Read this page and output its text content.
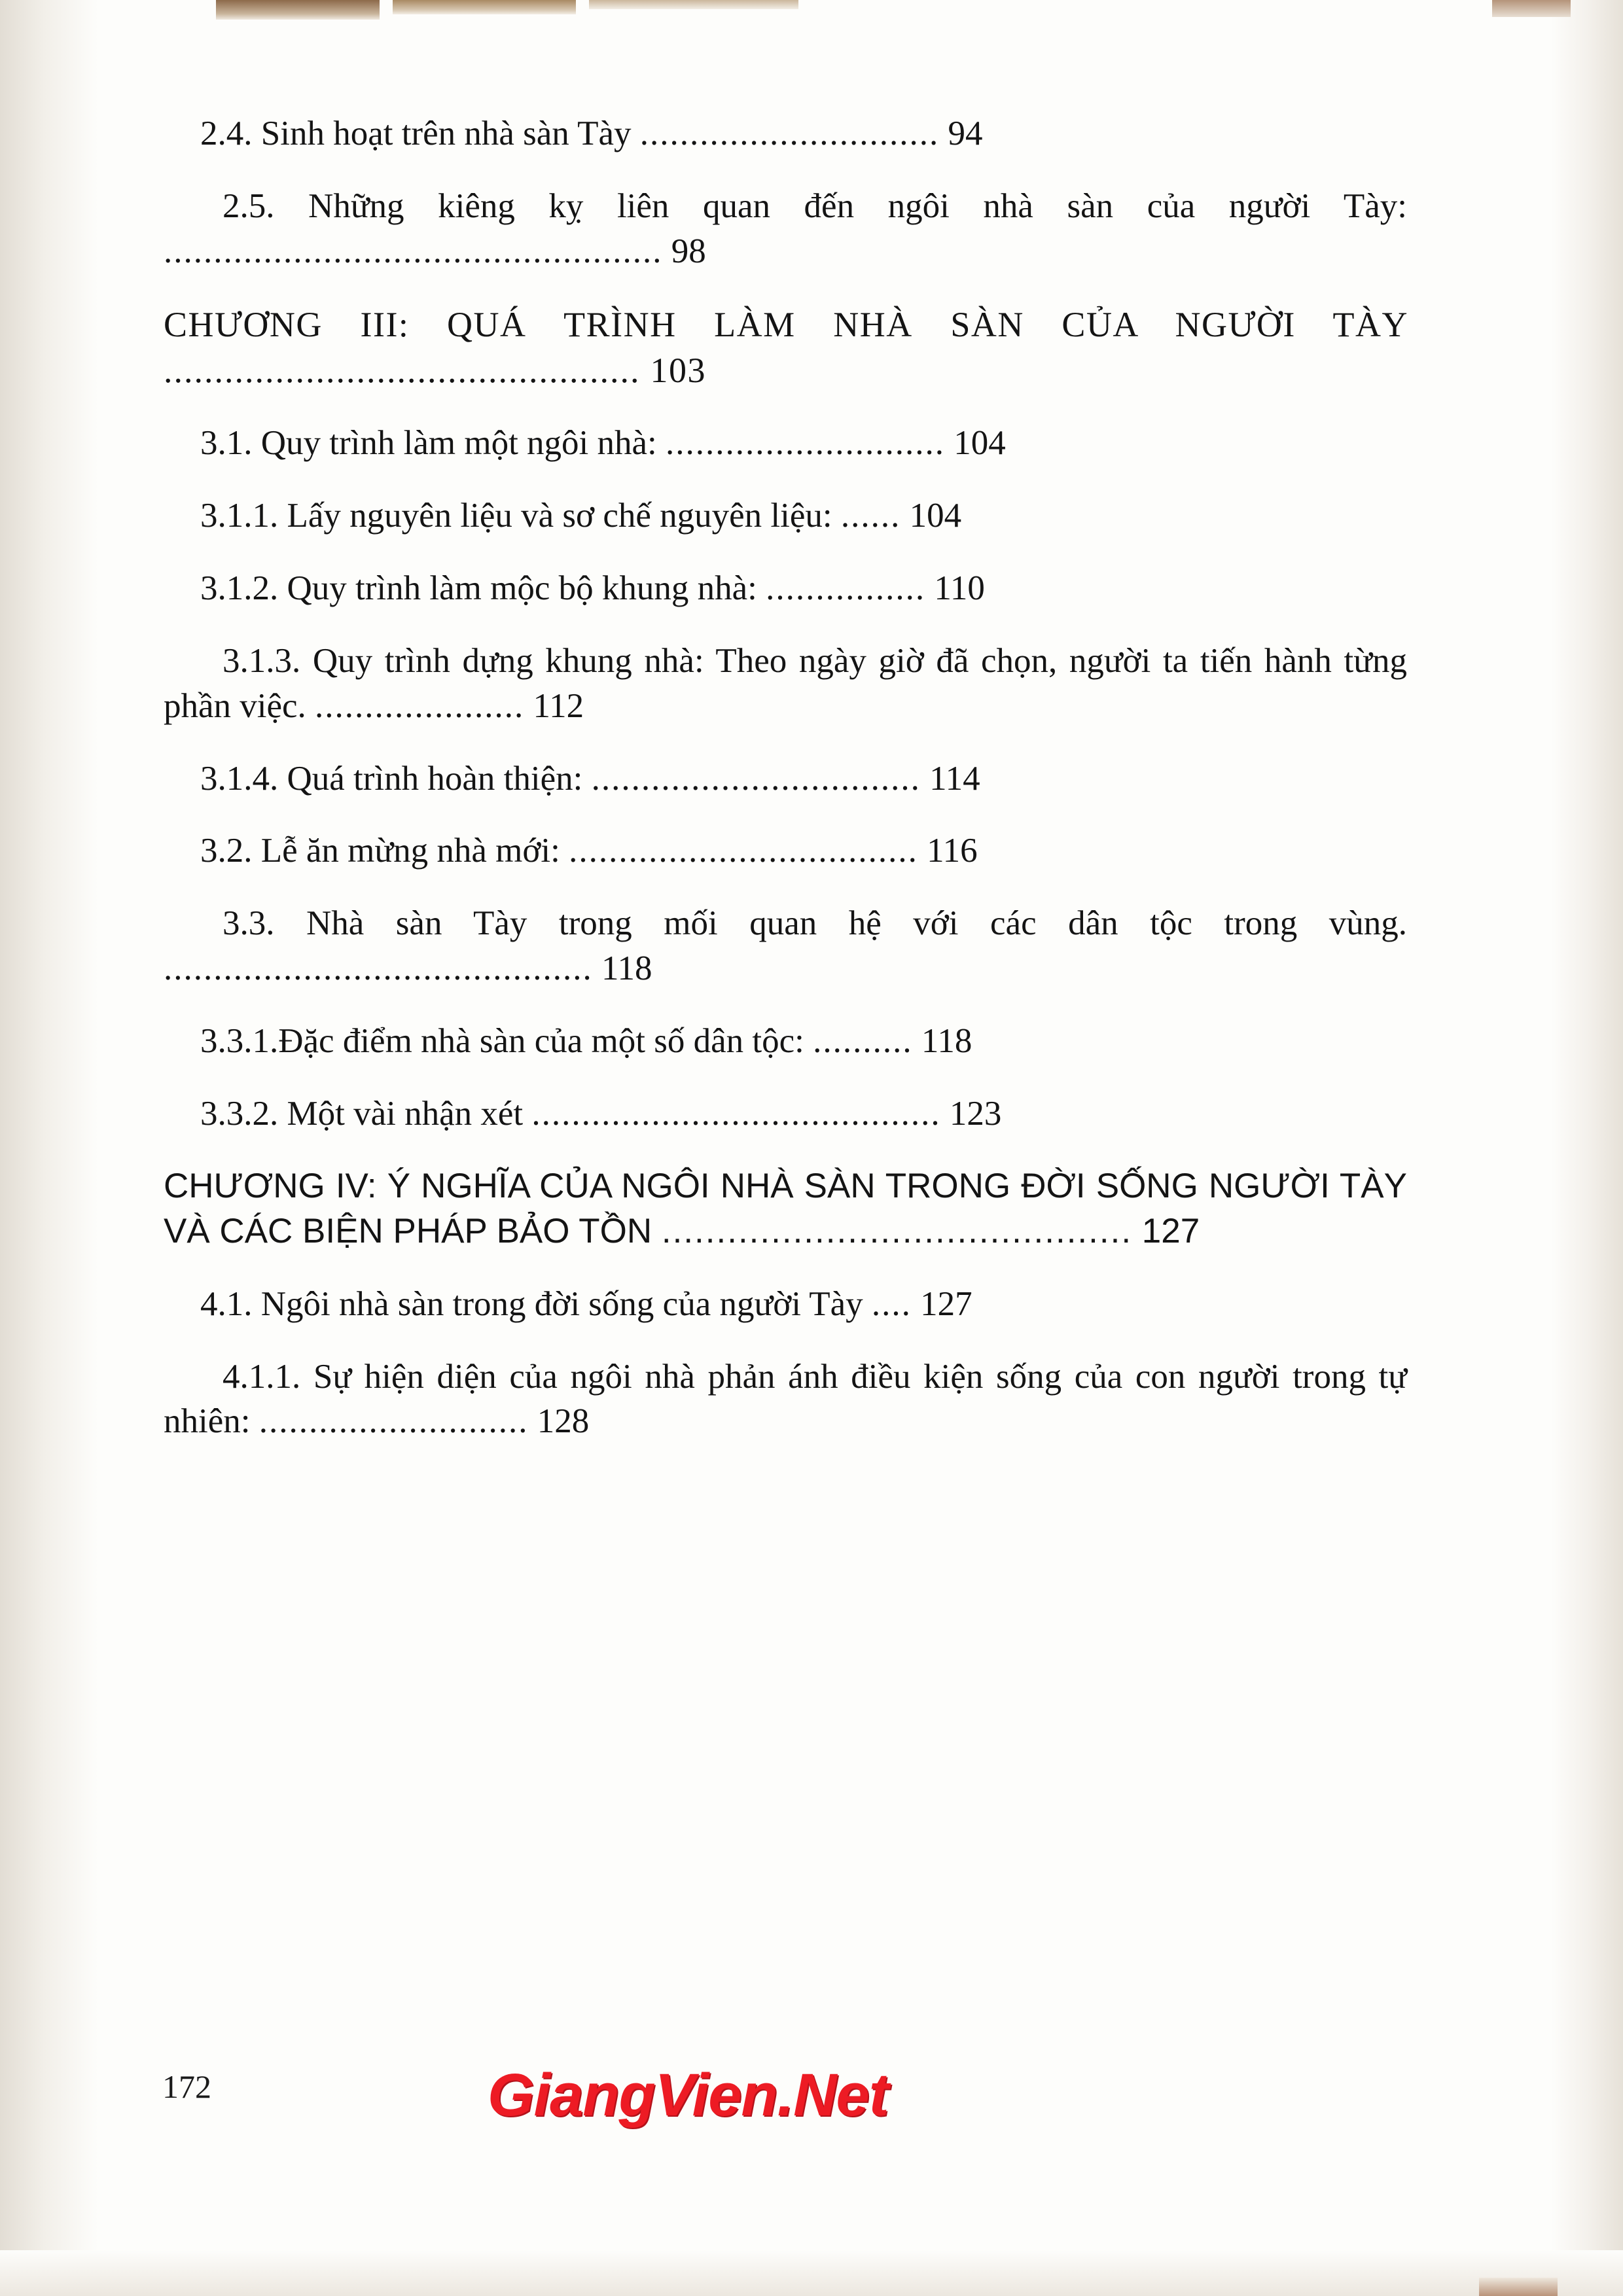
2.4. Sinh hoạt trên nhà sàn Tày .............................. 94
2.5. Những kiêng kỵ liên quan đến ngôi nhà sàn của người Tày: .................................................. 98
CHƯƠNG III: QUÁ TRÌNH LÀM NHÀ SÀN CỦA NGƯỜI TÀY ............................................... 103
3.1. Quy trình làm một ngôi nhà: ............................ 104
3.1.1. Lấy nguyên liệu và sơ chế nguyên liệu: ...... 104
3.1.2. Quy trình làm mộc bộ khung nhà: ................ 110
3.1.3. Quy trình dựng khung nhà: Theo ngày giờ đã chọn, người ta tiến hành từng phần việc. ..................... 112
3.1.4. Quá trình hoàn thiện: ................................. 114
3.2. Lễ ăn mừng nhà mới: ................................... 116
3.3. Nhà sàn Tày trong mối quan hệ với các dân tộc trong vùng. ........................................... 118
3.3.1.Đặc điểm nhà sàn của một số dân tộc: .......... 118
3.3.2. Một vài nhận xét ......................................... 123
CHƯƠNG IV: Ý NGHĨA CỦA NGÔI NHÀ SÀN TRONG ĐỜI SỐNG NGƯỜI TÀY VÀ CÁC BIỆN PHÁP BẢO TỒN ........................................... 127
4.1. Ngôi nhà sàn trong đời sống của người Tày .... 127
4.1.1. Sự hiện diện của ngôi nhà phản ánh điều kiện sống của con người trong tự nhiên: ........................... 128
172	GiangVien.Net
